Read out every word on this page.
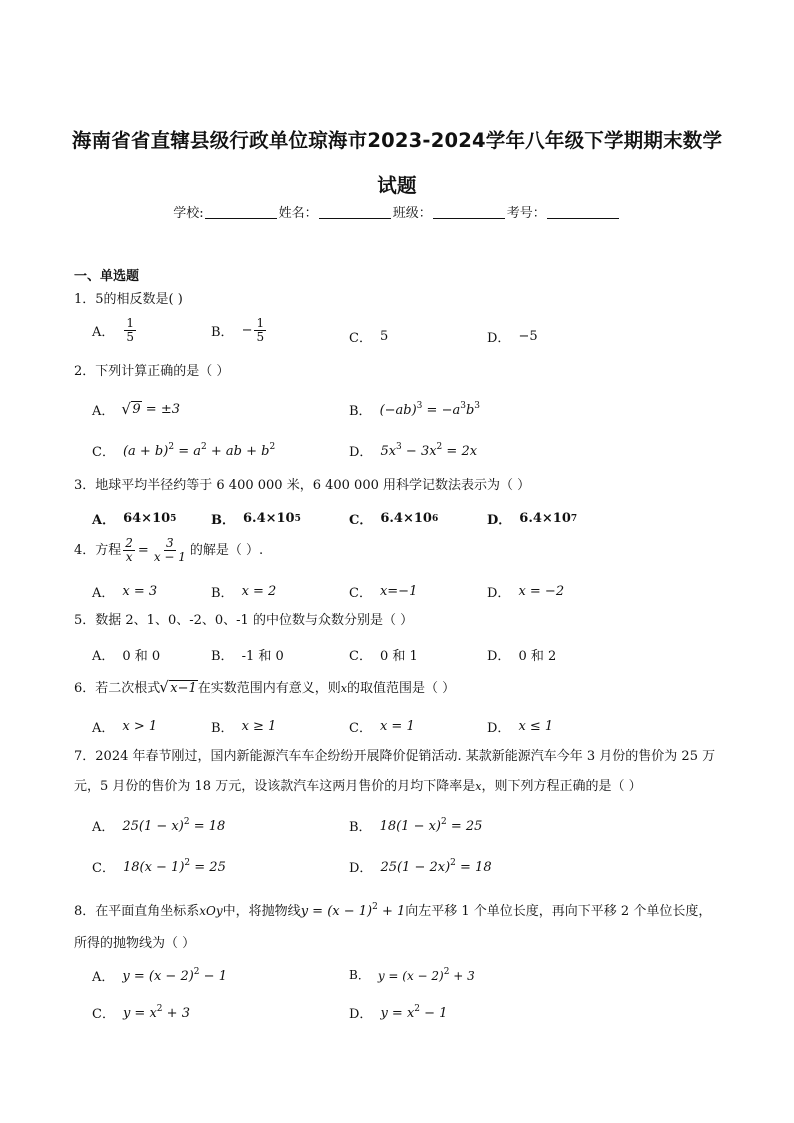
海南省省直辖县级行政单位琼海市2023-2024学年八年级下学期期末数学
试题
学校:	姓名：	班级：	考号：
一、单选题
1．5的相反数是( )
A． $\frac{1}{5}$	B． − $\frac{1}{5}$	C． 5	D． −5
2．下列计算正确的是（ ）
A．	√ 9 = ±3	B． $(-ab)^3 = -a^3b^3$
C． $(a + b)^2 = a^2$ + ab + $b^2$	D． $5x^3 - 3x^2 = 2x$
3．地球平均半径约等于 6 400 000 米，6 400 000 用科学记数法表示为（ ）
A． 64×10 5	B． 6.4×10 5	C． 6.4×10 6	D． 6.4×10 7
4．方程 $\frac{2}{x} = \frac{3}{x - 1}$ 的解是（ ）.
A． x = 3	B． x = 2	C． x=−1	D． x = −2
5．数据 2、1、0、-2、0、-1 的中位数与众数分别是（ ）
A． 0 和 0	B． -1 和 0	C． 0 和 1	D． 0 和 2
6．若二次根式 √ x−1在实数范围内有意义，则x的取值范围是（ ）
A． x > 1	B． x ≥ 1	C． x = 1	D． x ≤ 1
7．2024 年春节刚过，国内新能源汽车车企纷纷开展降价促销活动. 某款新能源汽车今年 3 月份的售价为 25 万元，5 月份的售价为 18 万元，设该款汽车这两月售价的月均下降率是x，则下列方程正确的是（ ）
A． $25(1 - x)^2 = 18$	B． $18(1 - x)^2 = 25$
C． $18(x - 1)^2 = 25$	D． $25(1 - 2x)^2 = 18$
8．在平面直角坐标系xOy中，将抛物线$y = (x - 1)^2 + 1$向左平移 1 个单位长度，再向下平移 2 个单位长度，
所得的抛物线为（ ）
A． $y = (x - 2)^2 - 1$	B． $y = (x - 2)^2 + 3$
C． $y = x^2 + 3$	D． $y = x^2 - 1$
